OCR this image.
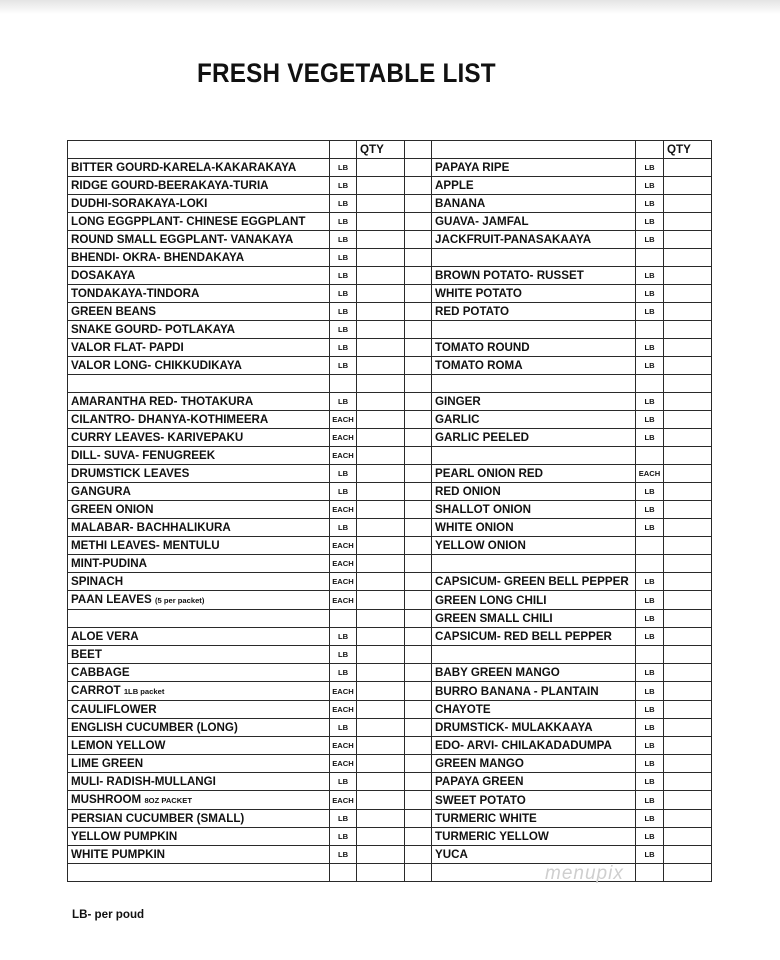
FRESH VEGETABLE LIST
		QTY				QTY
BITTER GOURD-KARELA-KAKARAKAYA	LB			PAPAYA RIPE	LB	
RIDGE GOURD-BEERAKAYA-TURIA	LB			APPLE	LB	
DUDHI-SORAKAYA-LOKI	LB			BANANA	LB	
LONG EGGPPLANT- CHINESE EGGPLANT	LB			GUAVA- JAMFAL	LB	
ROUND SMALL EGGPLANT- VANAKAYA	LB			JACKFRUIT-PANASAKAAYA	LB	
BHENDI- OKRA- BHENDAKAYA	LB					
DOSAKAYA	LB			BROWN POTATO- RUSSET	LB	
TONDAKAYA-TINDORA	LB			WHITE POTATO	LB	
GREEN BEANS	LB			RED POTATO	LB	
SNAKE GOURD- POTLAKAYA	LB					
VALOR FLAT- PAPDI	LB			TOMATO ROUND	LB	
VALOR LONG- CHIKKUDIKAYA	LB			TOMATO ROMA	LB	

AMARANTHA RED- THOTAKURA	LB			GINGER	LB	
CILANTRO- DHANYA-KOTHIMEERA	EACH			GARLIC	LB	
CURRY LEAVES- KARIVEPAKU	EACH			GARLIC PEELED	LB	
DILL- SUVA- FENUGREEK	EACH					
DRUMSTICK LEAVES	LB			PEARL ONION RED	EACH	
GANGURA	LB			RED ONION	LB	
GREEN ONION	EACH			SHALLOT ONION	LB	
MALABAR- BACHHALIKURA	LB			WHITE ONION	LB	
METHI LEAVES- MENTULU	EACH			YELLOW ONION		
MINT-PUDINA	EACH					
SPINACH	EACH			CAPSICUM- GREEN BELL PEPPER	LB	
PAAN LEAVES (5 per packet)	EACH			GREEN LONG CHILI	LB	
				GREEN SMALL CHILI	LB	
ALOE VERA	LB			CAPSICUM- RED BELL PEPPER	LB	
BEET	LB					
CABBAGE	LB			BABY GREEN MANGO	LB	
CARROT 1LB packet	EACH			BURRO BANANA - PLANTAIN	LB	
CAULIFLOWER	EACH			CHAYOTE	LB	
ENGLISH CUCUMBER (LONG)	LB			DRUMSTICK- MULAKKAAYA	LB	
LEMON YELLOW	EACH			EDO- ARVI- CHILAKADADUMPA	LB	
LIME GREEN	EACH			GREEN MANGO	LB	
MULI- RADISH-MULLANGI	LB			PAPAYA GREEN	LB	
MUSHROOM 8OZ PACKET	EACH			SWEET POTATO	LB	
PERSIAN CUCUMBER (SMALL)	LB			TURMERIC WHITE	LB	
YELLOW PUMPKIN	LB			TURMERIC YELLOW	LB	
WHITE PUMPKIN	LB			YUCA	LB	

LB- per poud
menupix
